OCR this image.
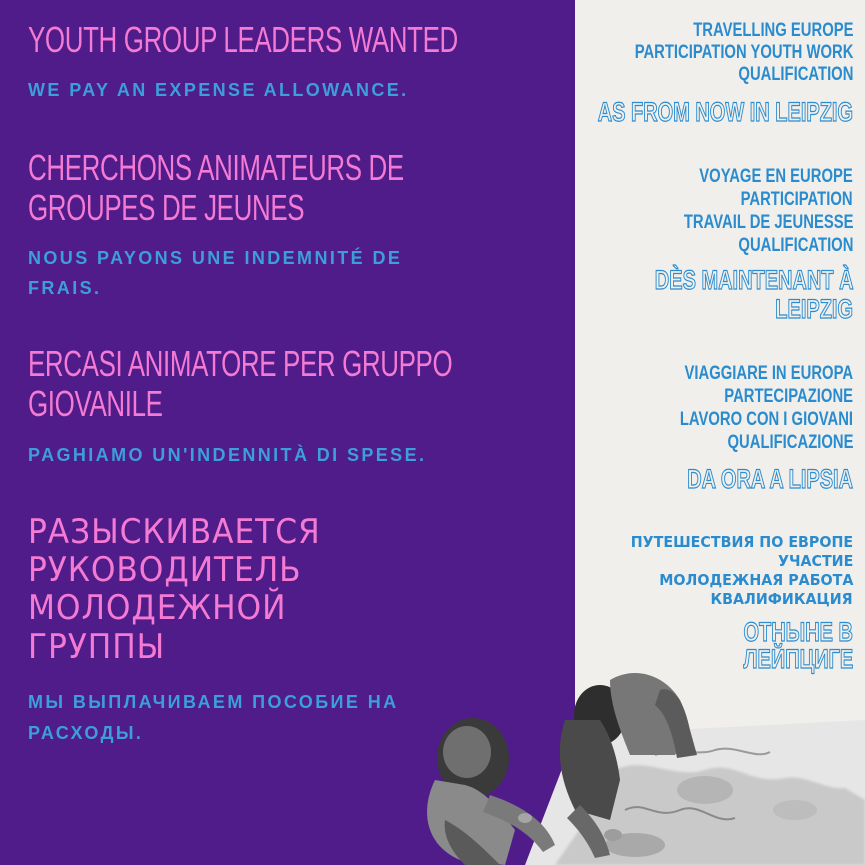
YOUTH GROUP LEADERS WANTED

WE PAY AN EXPENSE ALLOWANCE.

CHERCHONS ANIMATEURS DE
GROUPES DE JEUNES

NOUS PAYONS UNE INDEMNITÉ DE

FRAIS.

ERCASI ANIMATORE PER GRUPPO
GIOVANILE

PAGHIAMO UN'INDENNITÀ DI SPESE.

РАЗЫСКИВАЕТСЯ
РУКОВОДИТЕЛЬ
МОЛОДЕЖНОЙ
ГРУППЫ

МЫ ВЫПЛАЧИВАЕМ ПОСОБИЕ НА

РАСХОДЫ.

TRAVELLING EUROPE

PARTICIPATION YOUTH WORK

QUALIFICATION

AS FROM NOW IN LEIPZIG

VOYAGE EN EUROPE

PARTICIPATION

TRAVAIL DE JEUNESSE

QUALIFICATION

DÈS MAINTENANT À

LEIPZIG

VIAGGIARE IN EUROPA

PARTECIPAZIONE

LAVORO CON I GIOVANI

QUALIFICAZIONE

DA ORA A LIPSIA

ПУТЕШЕСТВИЯ ПО ЕВРОПЕ

УЧАСТИЕ

МОЛОДЕЖНАЯ РАБОТА

КВАЛИФИКАЦИЯ

ОТНЫНЕ В

ЛЕЙПЦИГЕ
